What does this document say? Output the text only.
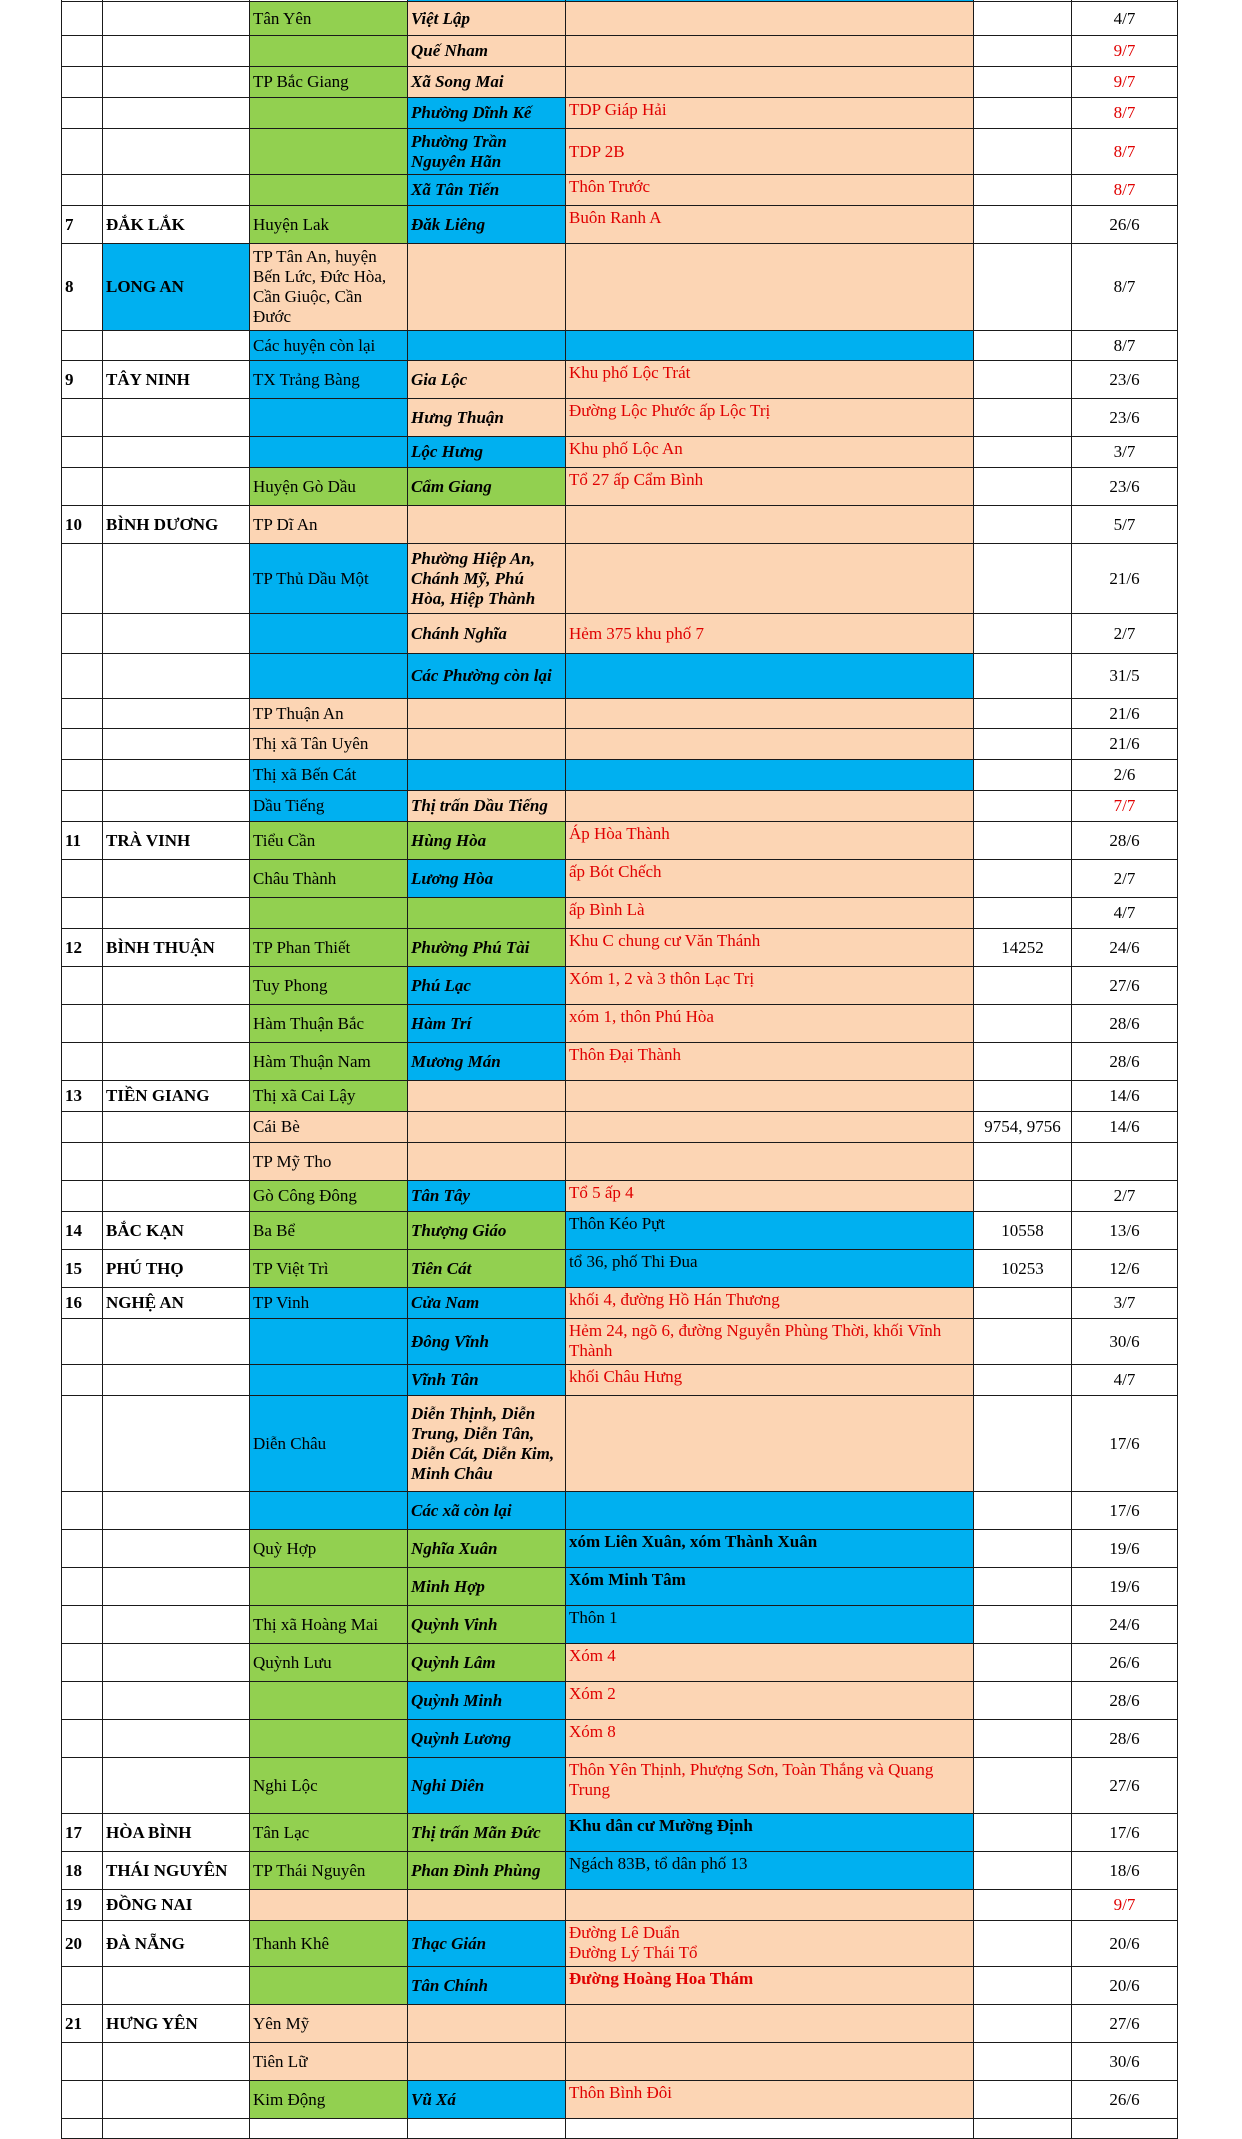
		Tân Yên	Việt Lập			4/7
			Quế Nham			9/7
		TP Bắc Giang	Xã Song Mai			9/7
			Phường Dĩnh Kế	TDP Giáp Hải		8/7
			Phường Trần Nguyên Hãn	TDP 2B		8/7
			Xã Tân Tiến	Thôn Trước		8/7
7	ĐẮK LẮK	Huyện Lak	Đăk Liêng	Buôn Ranh A		26/6
8	LONG AN	TP Tân An, huyện Bến Lức, Đức Hòa, Cần Giuộc, Cần Đước				8/7
		Các huyện còn lại				8/7
9	TÂY NINH	TX Trảng Bàng	Gia Lộc	Khu phố Lộc Trát		23/6
			Hưng Thuận	Đường Lộc Phước ấp Lộc Trị		23/6
			Lộc Hưng	Khu phố Lộc An		3/7
		Huyện Gò Dầu	Cẩm Giang	Tổ 27 ấp Cẩm Bình		23/6
10	BÌNH DƯƠNG	TP Dĩ An				5/7
		TP Thủ Dầu Một	Phường Hiệp An, Chánh Mỹ, Phú Hòa, Hiệp Thành			21/6
			Chánh Nghĩa	Hẻm 375 khu phố 7		2/7
			Các Phường còn lại			31/5
		TP Thuận An				21/6
		Thị xã Tân Uyên				21/6
		Thị xã Bến Cát				2/6
		Dầu Tiếng	Thị trấn Dầu Tiếng			7/7
11	TRÀ VINH	Tiểu Cần	Hùng Hòa	Áp Hòa Thành		28/6
		Châu Thành	Lương Hòa	ấp Bót Chếch		2/7
				ấp Bình Là		4/7
12	BÌNH THUẬN	TP Phan Thiết	Phường Phú Tài	Khu C chung cư Văn Thánh	14252	24/6
		Tuy Phong	Phú Lạc	Xóm 1, 2 và 3 thôn Lạc Trị		27/6
		Hàm Thuận Bắc	Hàm Trí	xóm 1, thôn Phú Hòa		28/6
		Hàm Thuận Nam	Mương Mán	Thôn Đại Thành		28/6
13	TIỀN GIANG	Thị xã Cai Lậy				14/6
		Cái Bè			9754, 9756	14/6
		TP Mỹ Tho				
		Gò Công Đông	Tân Tây	Tổ 5 ấp 4		2/7
14	BẮC KẠN	Ba Bể	Thượng Giáo	Thôn Kéo Pựt	10558	13/6
15	PHÚ THỌ	TP Việt Trì	Tiên Cát	tổ 36, phố Thi Đua	10253	12/6
16	NGHỆ AN	TP Vinh	Cửa Nam	khối 4, đường Hồ Hán Thương		3/7
			Đông Vĩnh	Hẻm 24, ngõ 6, đường Nguyễn Phùng Thời, khối Vĩnh Thành		30/6
			Vĩnh Tân	khối Châu Hưng		4/7
		Diễn Châu	Diễn Thịnh, Diễn Trung, Diễn Tân, Diễn Cát, Diễn Kim, Minh Châu			17/6
			Các xã còn lại			17/6
		Quỳ Hợp	Nghĩa Xuân	xóm Liên Xuân, xóm Thành Xuân		19/6
			Minh Hợp	Xóm Minh Tâm		19/6
		Thị xã Hoàng Mai	Quỳnh Vinh	Thôn 1		24/6
		Quỳnh Lưu	Quỳnh Lâm	Xóm 4		26/6
			Quỳnh Minh	Xóm 2		28/6
			Quỳnh Lương	Xóm 8		28/6
		Nghi Lộc	Nghi Diên	Thôn Yên Thịnh, Phượng Sơn, Toàn Thắng và Quang Trung		27/6
17	HÒA BÌNH	Tân Lạc	Thị trấn Mãn Đức	Khu dân cư Mường Định		17/6
18	THÁI NGUYÊN	TP Thái Nguyên	Phan Đình Phùng	Ngách 83B, tổ dân phố 13		18/6
19	ĐỒNG NAI					9/7
20	ĐÀ NẴNG	Thanh Khê	Thạc Gián	Đường Lê Duẩn
Đường Lý Thái Tổ		20/6
			Tân Chính	Đường Hoàng Hoa Thám		20/6
21	HƯNG YÊN	Yên Mỹ				27/6
		Tiên Lữ				30/6
		Kim Động	Vũ Xá	Thôn Bình Đôi		26/6
